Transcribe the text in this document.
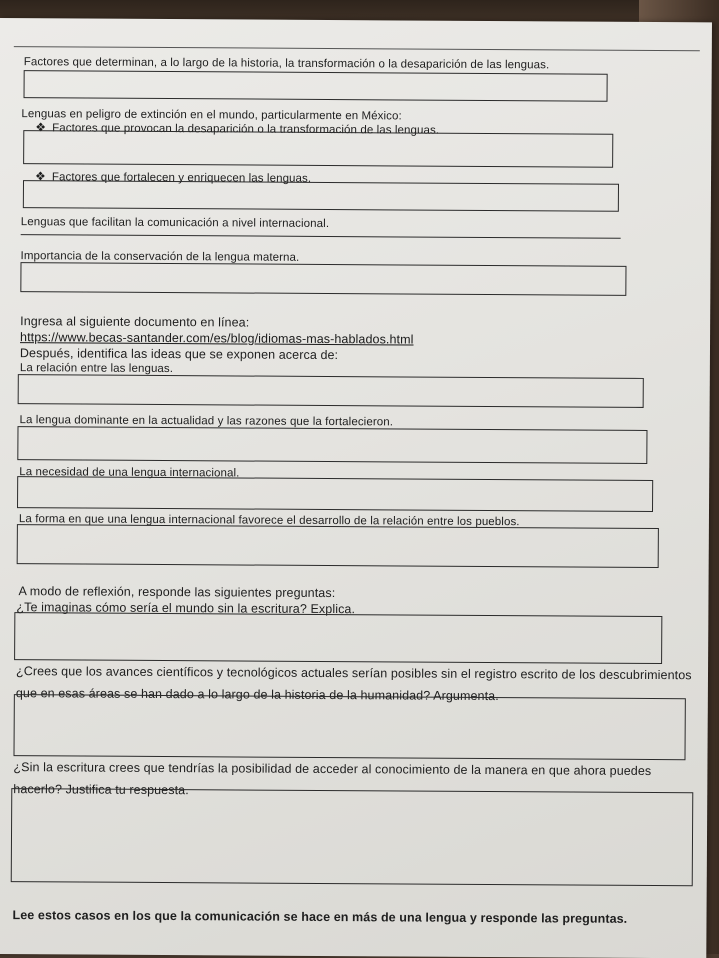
Factores que determinan, a lo largo de la historia, la transformación o la desaparición de las lenguas.
Lenguas en peligro de extinción en el mundo, particularmente en México:
❖ Factores que provocan la desaparición o la transformación de las lenguas.
❖ Factores que fortalecen y enriquecen las lenguas.
Lenguas que facilitan la comunicación a nivel internacional.
Importancia de la conservación de la lengua materna.
Ingresa al siguiente documento en línea:
https://www.becas-santander.com/es/blog/idiomas-mas-hablados.html
Después, identifica las ideas que se exponen acerca de:
La relación entre las lenguas.
La lengua dominante en la actualidad y las razones que la fortalecieron.
La necesidad de una lengua internacional.
La forma en que una lengua internacional favorece el desarrollo de la relación entre los pueblos.
A modo de reflexión, responde las siguientes preguntas:
¿Te imaginas cómo sería el mundo sin la escritura? Explica.
¿Crees que los avances científicos y tecnológicos actuales serían posibles sin el registro escrito de los descubrimientos
que en esas áreas se han dado a lo largo de la historia de la humanidad? Argumenta.
¿Sin la escritura crees que tendrías la posibilidad de acceder al conocimiento de la manera en que ahora puedes
hacerlo? Justifica tu respuesta.
Lee estos casos en los que la comunicación se hace en más de una lengua y responde las preguntas.
